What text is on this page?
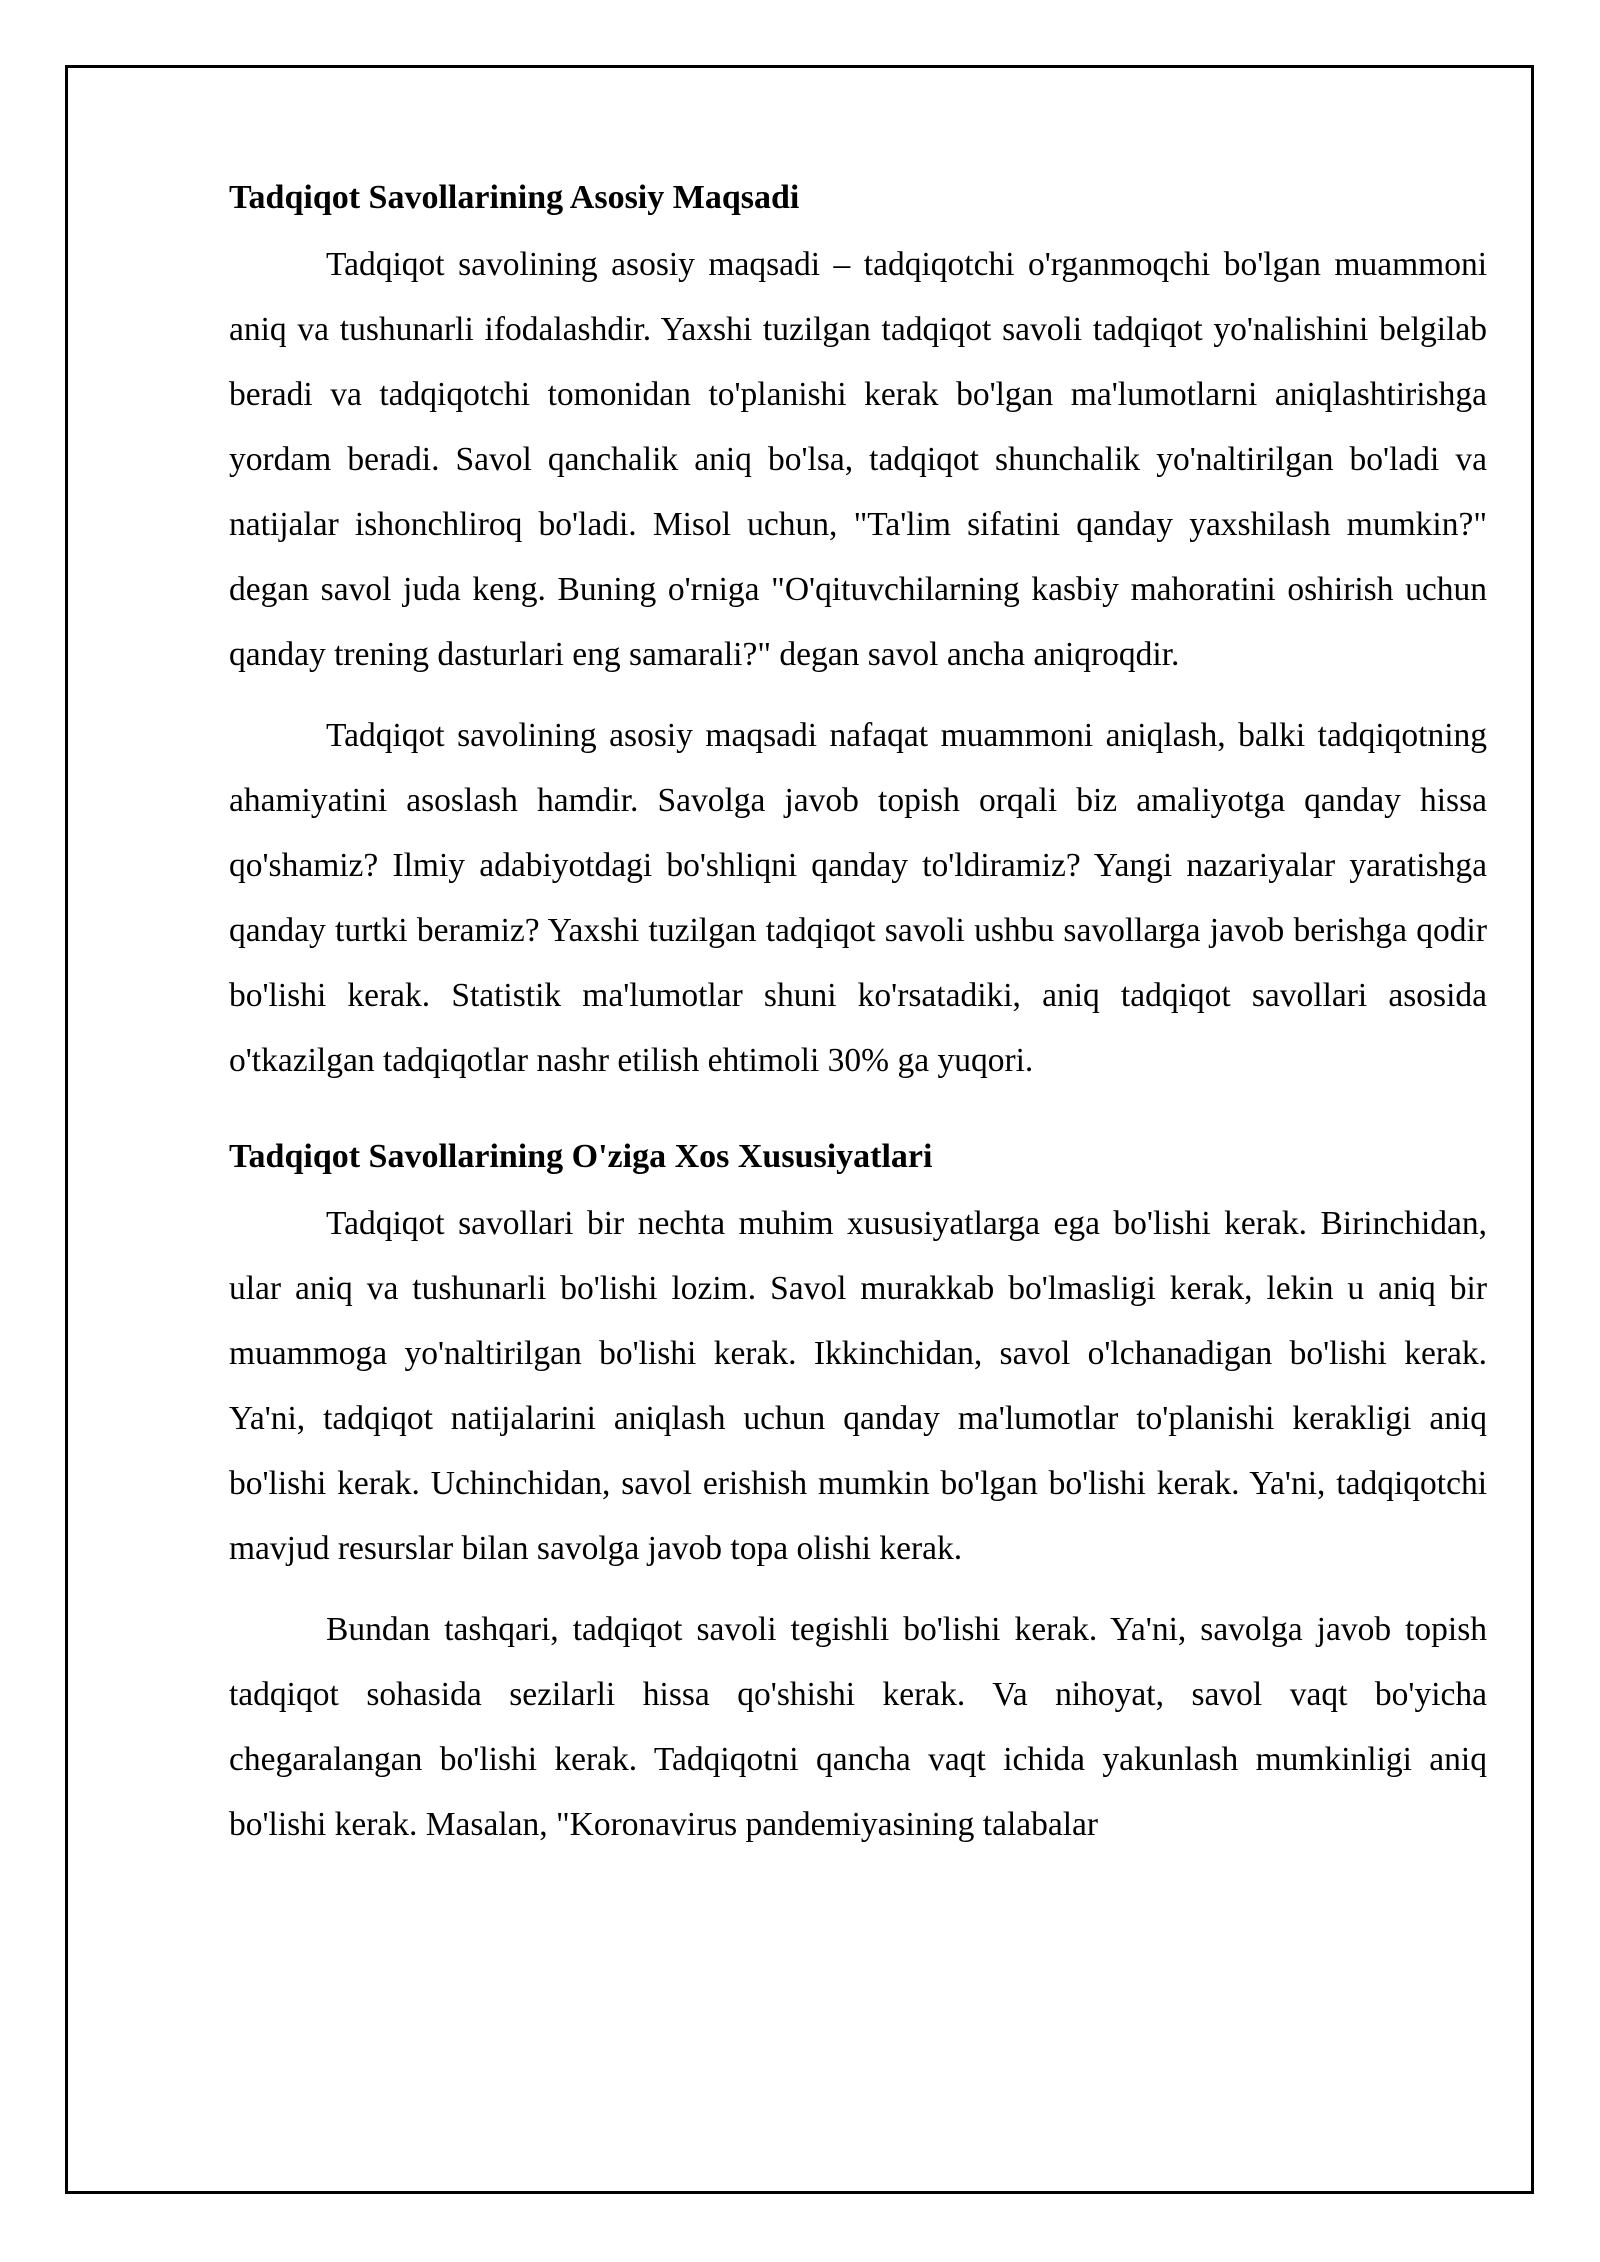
Tadqiqot Savollarining Asosiy Maqsadi

Tadqiqot savolining asosiy maqsadi – tadqiqotchi o'rganmoqchi bo'lgan muammoni aniq va tushunarli ifodalashdir. Yaxshi tuzilgan tadqiqot savoli tadqiqot yo'nalishini belgilab beradi va tadqiqotchi tomonidan to'planishi kerak bo'lgan ma'lumotlarni aniqlashtirishga yordam beradi. Savol qanchalik aniq bo'lsa, tadqiqot shunchalik yo'naltirilgan bo'ladi va natijalar ishonchliroq bo'ladi. Misol uchun, "Ta'lim sifatini qanday yaxshilash mumkin?" degan savol juda keng. Buning o'rniga "O'qituvchilarning kasbiy mahoratini oshirish uchun qanday trening dasturlari eng samarali?" degan savol ancha aniqroqdir.

Tadqiqot savolining asosiy maqsadi nafaqat muammoni aniqlash, balki tadqiqotning ahamiyatini asoslash hamdir. Savolga javob topish orqali biz amaliyotga qanday hissa qo'shamiz? Ilmiy adabiyotdagi bo'shliqni qanday to'ldiramiz? Yangi nazariyalar yaratishga qanday turtki beramiz? Yaxshi tuzilgan tadqiqot savoli ushbu savollarga javob berishga qodir bo'lishi kerak. Statistik ma'lumotlar shuni ko'rsatadiki, aniq tadqiqot savollari asosida o'tkazilgan tadqiqotlar nashr etilish ehtimoli 30% ga yuqori.

Tadqiqot Savollarining O'ziga Xos Xususiyatlari

Tadqiqot savollari bir nechta muhim xususiyatlarga ega bo'lishi kerak. Birinchidan, ular aniq va tushunarli bo'lishi lozim. Savol murakkab bo'lmasligi kerak, lekin u aniq bir muammoga yo'naltirilgan bo'lishi kerak. Ikkinchidan, savol o'lchanadigan bo'lishi kerak. Ya'ni, tadqiqot natijalarini aniqlash uchun qanday ma'lumotlar to'planishi kerakligi aniq bo'lishi kerak. Uchinchidan, savol erishish mumkin bo'lgan bo'lishi kerak. Ya'ni, tadqiqotchi mavjud resurslar bilan savolga javob topa olishi kerak.

Bundan tashqari, tadqiqot savoli tegishli bo'lishi kerak. Ya'ni, savolga javob topish tadqiqot sohasida sezilarli hissa qo'shishi kerak. Va nihoyat, savol vaqt bo'yicha chegaralangan bo'lishi kerak. Tadqiqotni qancha vaqt ichida yakunlash mumkinligi aniq bo'lishi kerak. Masalan, "Koronavirus pandemiyasining talabalar
